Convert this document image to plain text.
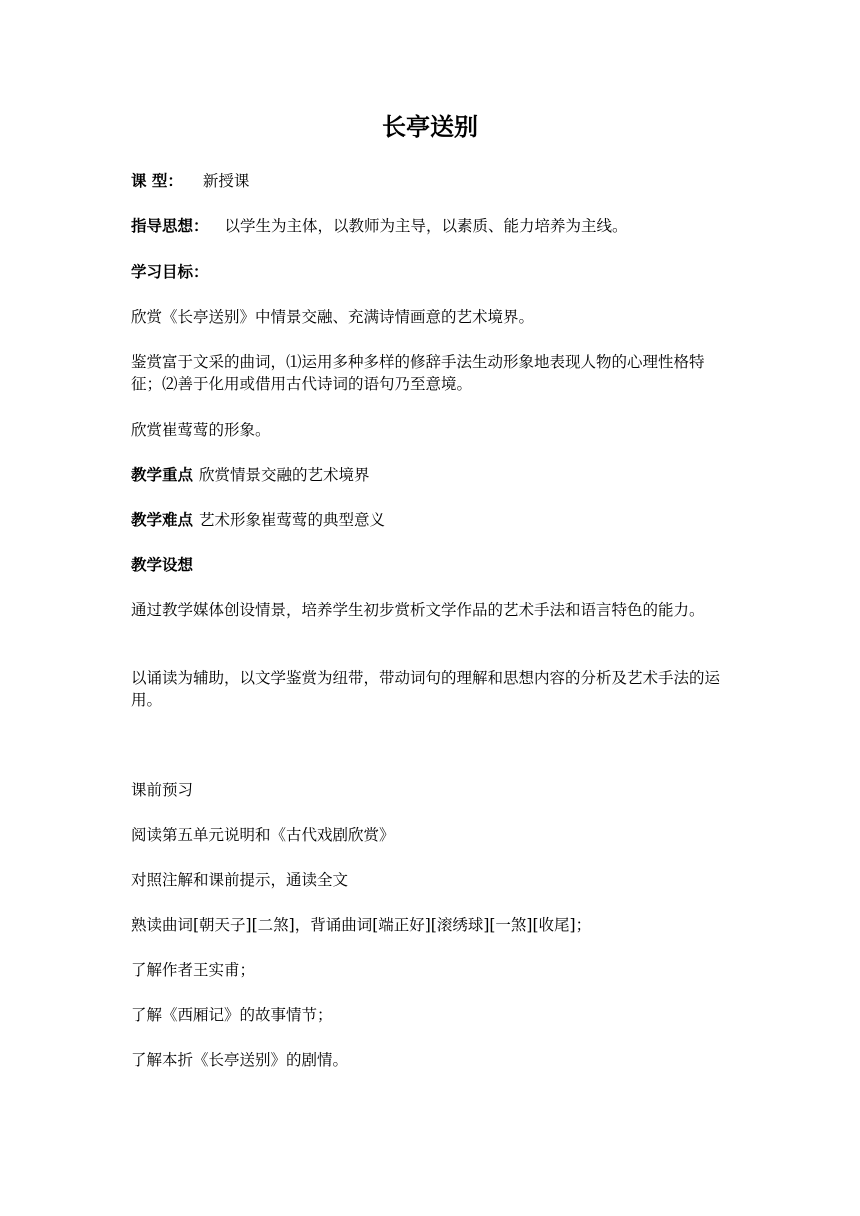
长亭送别

课 型： 新授课

指导思想： 以学生为主体，以教师为主导，以素质、能力培养为主线。

学习目标：

欣赏《长亭送别》中情景交融、充满诗情画意的艺术境界。

鉴赏富于文采的曲词，⑴运用多种多样的修辞手法生动形象地表现人物的心理性格特征；⑵善于化用或借用古代诗词的语句乃至意境。

欣赏崔莺莺的形象。

教学重点 欣赏情景交融的艺术境界

教学难点 艺术形象崔莺莺的典型意义

教学设想

通过教学媒体创设情景，培养学生初步赏析文学作品的艺术手法和语言特色的能力。

以诵读为辅助，以文学鉴赏为纽带，带动词句的理解和思想内容的分析及艺术手法的运用。

课前预习

阅读第五单元说明和《古代戏剧欣赏》

对照注解和课前提示，通读全文

熟读曲词[朝天子][二煞]，背诵曲词[端正好][滚绣球][一煞][收尾]；

了解作者王实甫；

了解《西厢记》的故事情节；

了解本折《长亭送别》的剧情。
